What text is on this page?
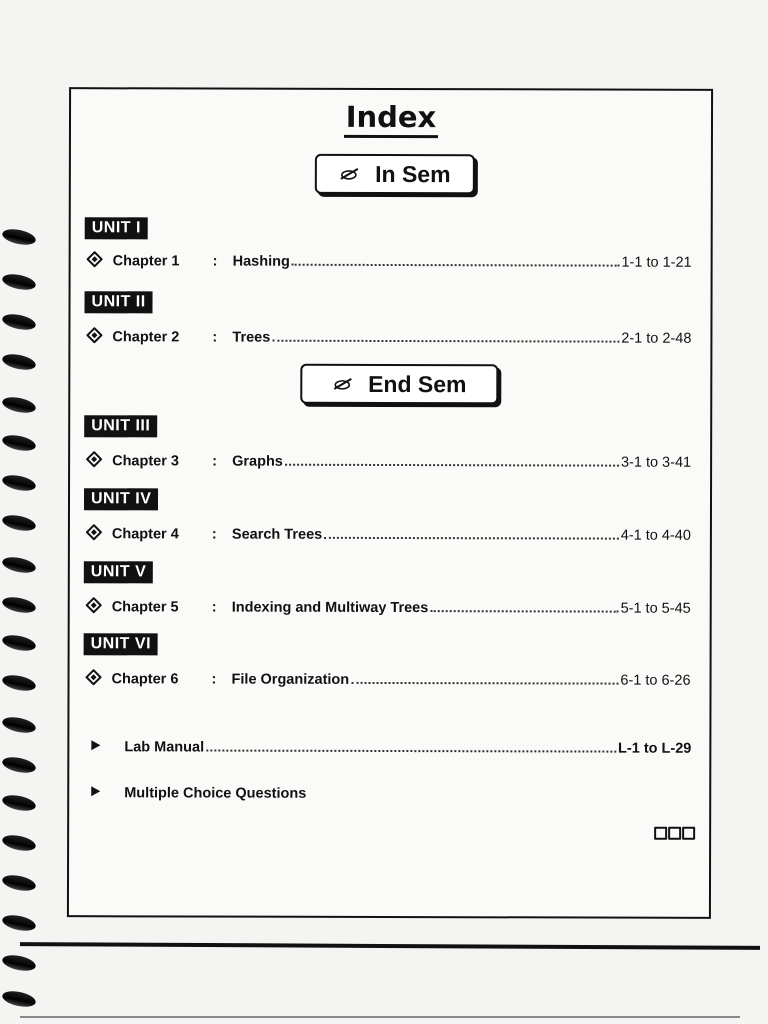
Index
In Sem
UNIT I
Chapter 1	:	Hashing	1-1 to 1-21
UNIT II
Chapter 2	:	Trees	2-1 to 2-48
End Sem
UNIT III
Chapter 3	:	Graphs	3-1 to 3-41
UNIT IV
Chapter 4	:	Search Trees	4-1 to 4-40
UNIT V
Chapter 5	:	Indexing and Multiway Trees	5-1 to 5-45
UNIT VI
Chapter 6	:	File Organization	6-1 to 6-26
Lab Manual	L-1 to L-29
Multiple Choice Questions
